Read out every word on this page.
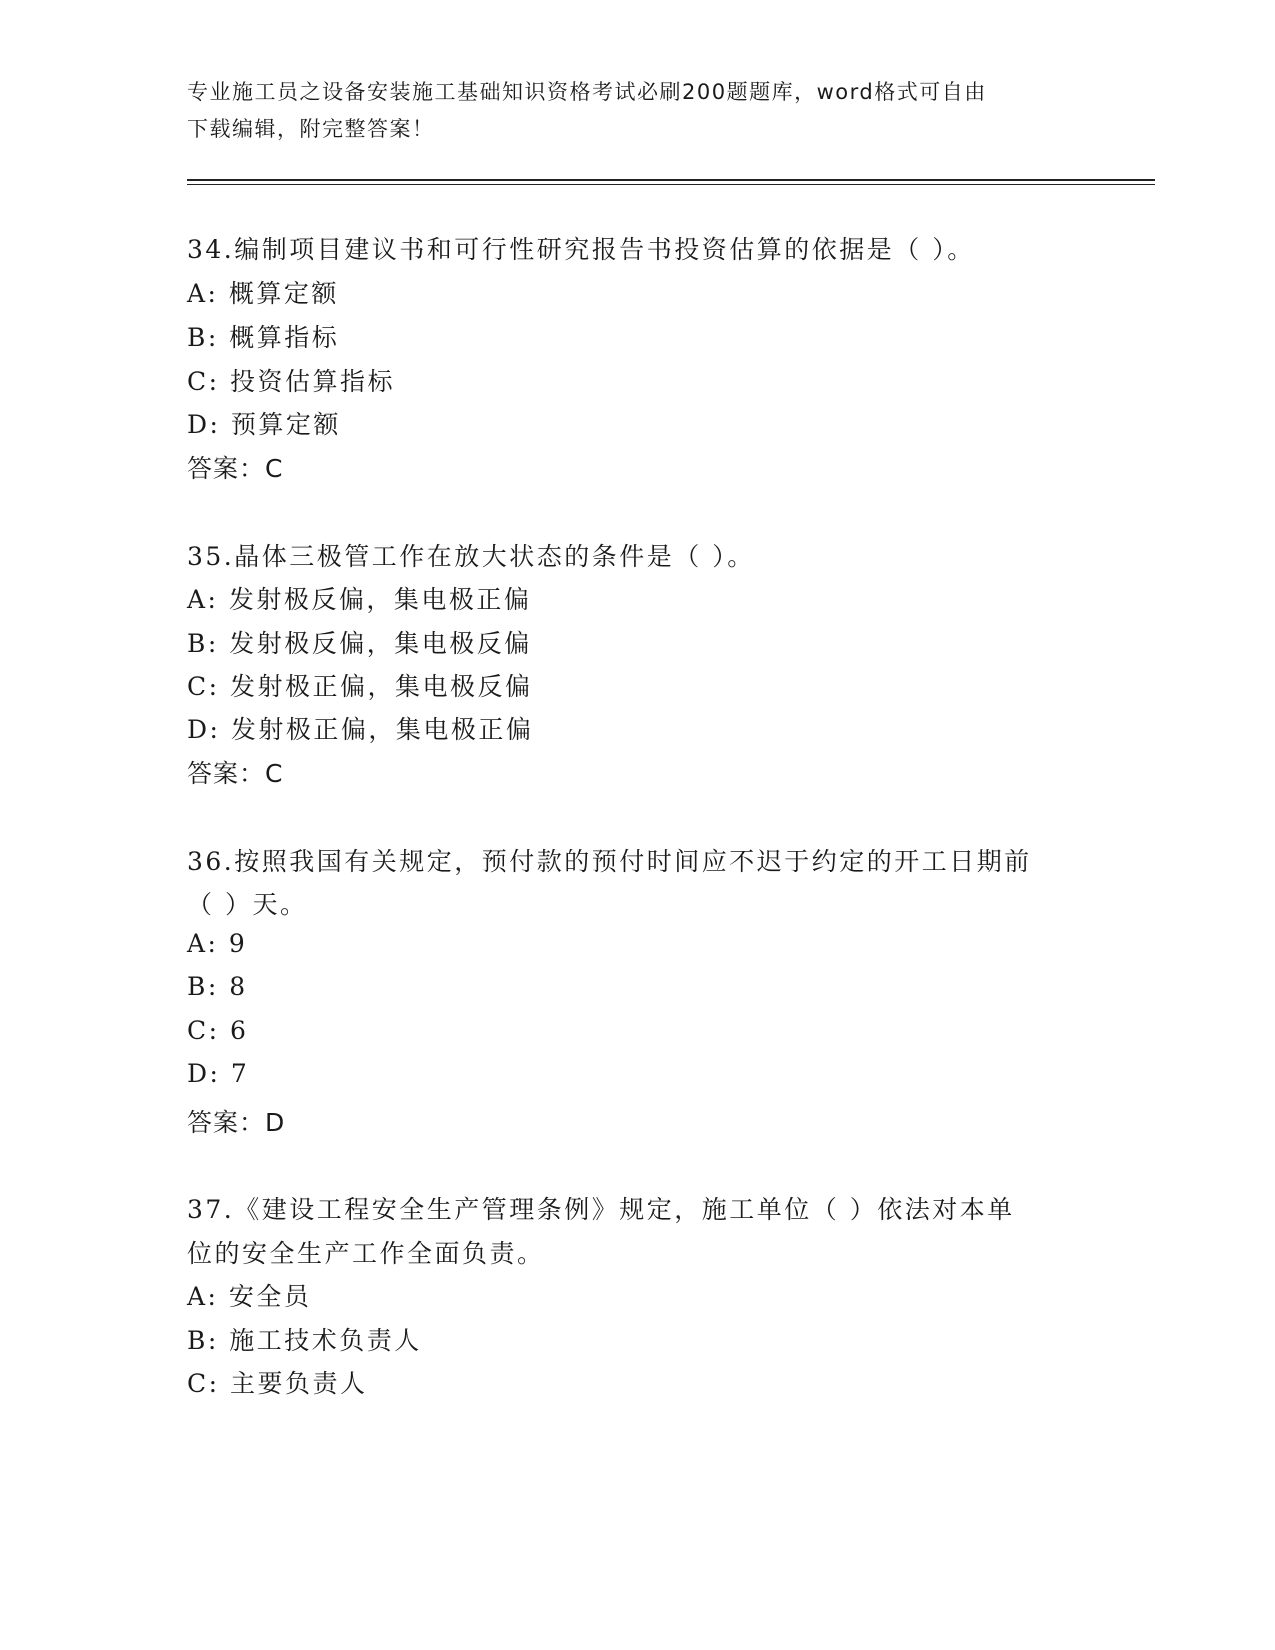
专业施工员之设备安装施工基础知识资格考试必刷200题题库，word格式可自由
下载编辑，附完整答案！
34.编制项目建议书和可行性研究报告书投资估算的依据是（ ）。
A: 概算定额
B: 概算指标
C: 投资估算指标
D: 预算定额
答案：C
35.晶体三极管工作在放大状态的条件是（ ）。
A: 发射极反偏，集电极正偏
B: 发射极反偏，集电极反偏
C: 发射极正偏，集电极反偏
D: 发射极正偏，集电极正偏
答案：C
36.按照我国有关规定，预付款的预付时间应不迟于约定的开工日期前
（ ）天。
A: 9
B: 8
C: 6
D: 7
答案：D
37.《建设工程安全生产管理条例》规定，施工单位（ ）依法对本单
位的安全生产工作全面负责。
A: 安全员
B: 施工技术负责人
C: 主要负责人
